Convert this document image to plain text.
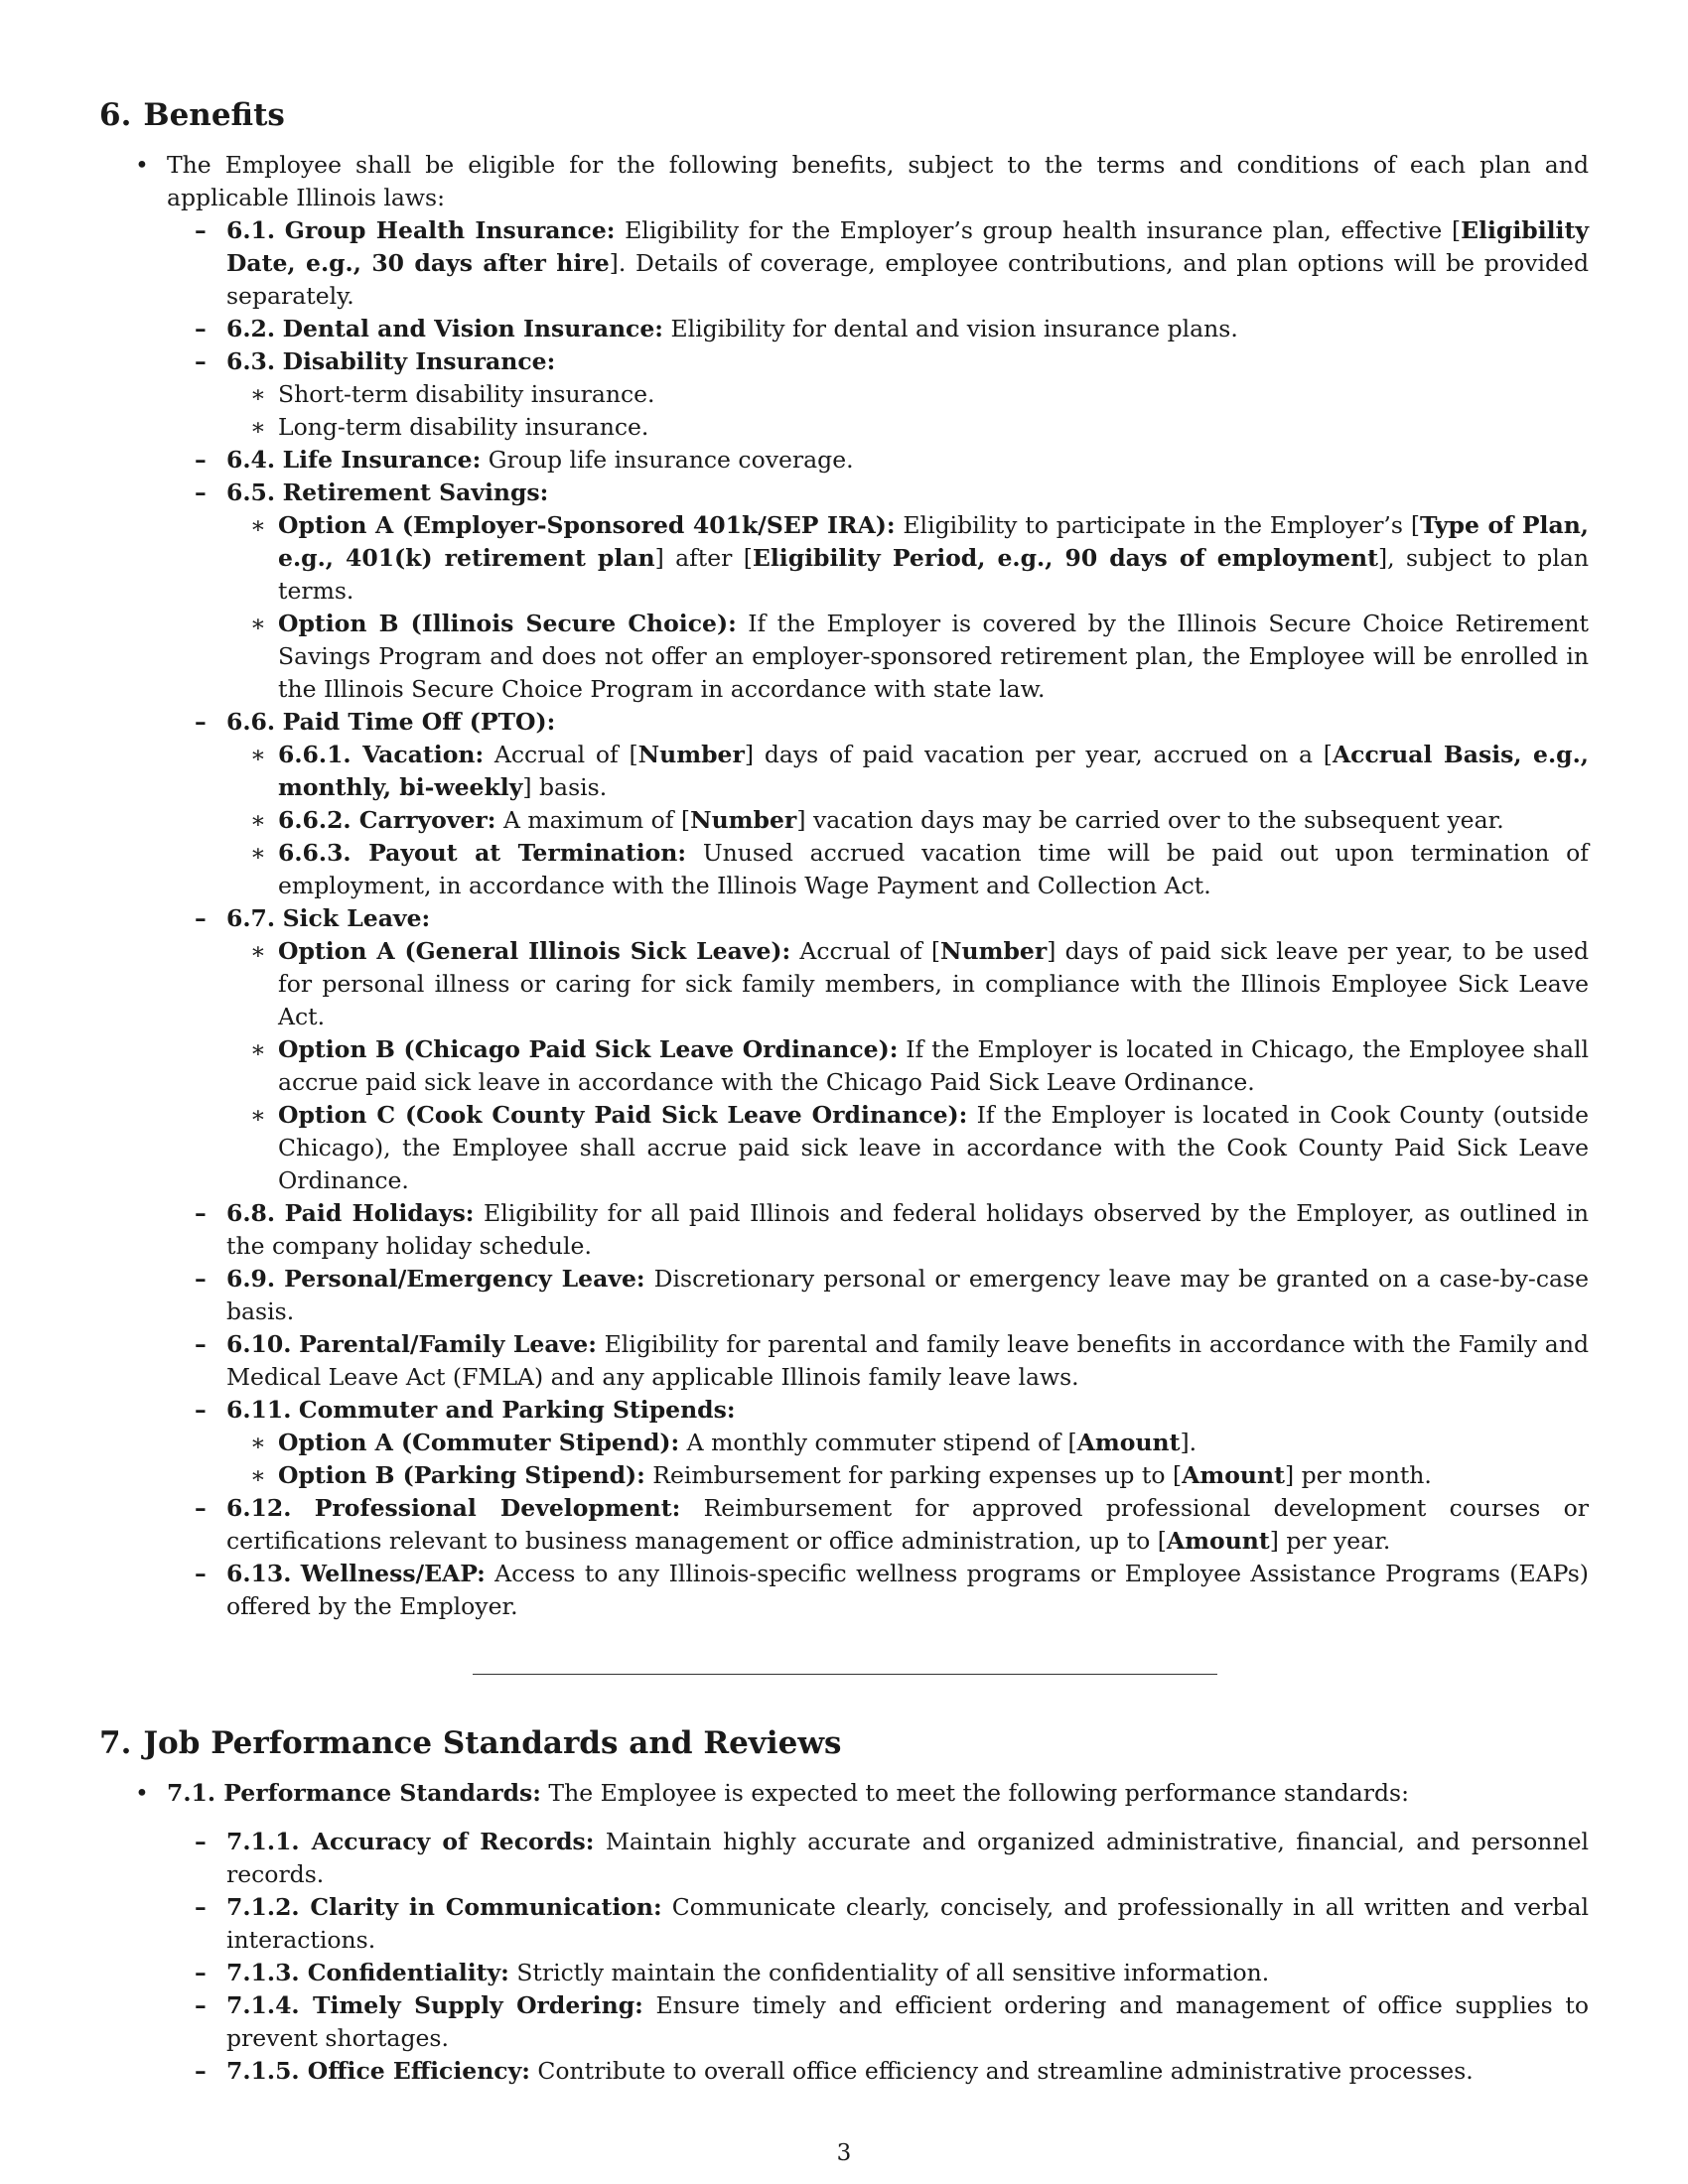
6. Benefits
• The Employee shall be eligible for the following benefits, subject to the terms and conditions of each plan and applicable Illinois laws:
– 6.1. Group Health Insurance: Eligibility for the Employer’s group health insurance plan, effective [Eligibility Date, e.g., 30 days after hire]. Details of coverage, employee contributions, and plan options will be provided separately.
– 6.2. Dental and Vision Insurance: Eligibility for dental and vision insurance plans.
– 6.3. Disability Insurance:
∗ Short-term disability insurance.
∗ Long-term disability insurance.
– 6.4. Life Insurance: Group life insurance coverage.
– 6.5. Retirement Savings:
∗ Option A (Employer-Sponsored 401k/SEP IRA): Eligibility to participate in the Employer’s [Type of Plan, e.g., 401(k) retirement plan] after [Eligibility Period, e.g., 90 days of employment], subject to plan terms.
∗ Option B (Illinois Secure Choice): If the Employer is covered by the Illinois Secure Choice Retirement Savings Program and does not offer an employer-sponsored retirement plan, the Employee will be enrolled in the Illinois Secure Choice Program in accordance with state law.
– 6.6. Paid Time Off (PTO):
∗ 6.6.1. Vacation: Accrual of [Number] days of paid vacation per year, accrued on a [Accrual Basis, e.g., monthly, bi-weekly] basis.
∗ 6.6.2. Carryover: A maximum of [Number] vacation days may be carried over to the subsequent year.
∗ 6.6.3. Payout at Termination: Unused accrued vacation time will be paid out upon termination of employment, in accordance with the Illinois Wage Payment and Collection Act.
– 6.7. Sick Leave:
∗ Option A (General Illinois Sick Leave): Accrual of [Number] days of paid sick leave per year, to be used for personal illness or caring for sick family members, in compliance with the Illinois Employee Sick Leave Act.
∗ Option B (Chicago Paid Sick Leave Ordinance): If the Employer is located in Chicago, the Employee shall accrue paid sick leave in accordance with the Chicago Paid Sick Leave Ordinance.
∗ Option C (Cook County Paid Sick Leave Ordinance): If the Employer is located in Cook County (outside Chicago), the Employee shall accrue paid sick leave in accordance with the Cook County Paid Sick Leave Ordinance.
– 6.8. Paid Holidays: Eligibility for all paid Illinois and federal holidays observed by the Employer, as outlined in the company holiday schedule.
– 6.9. Personal/Emergency Leave: Discretionary personal or emergency leave may be granted on a case-by-case basis.
– 6.10. Parental/Family Leave: Eligibility for parental and family leave benefits in accordance with the Family and Medical Leave Act (FMLA) and any applicable Illinois family leave laws.
– 6.11. Commuter and Parking Stipends:
∗ Option A (Commuter Stipend): A monthly commuter stipend of [Amount].
∗ Option B (Parking Stipend): Reimbursement for parking expenses up to [Amount] per month.
– 6.12. Professional Development: Reimbursement for approved professional development courses or certifications relevant to business management or office administration, up to [Amount] per year.
– 6.13. Wellness/EAP: Access to any Illinois-specific wellness programs or Employee Assistance Programs (EAPs) offered by the Employer.
7. Job Performance Standards and Reviews
• 7.1. Performance Standards: The Employee is expected to meet the following performance standards:
– 7.1.1. Accuracy of Records: Maintain highly accurate and organized administrative, financial, and personnel records.
– 7.1.2. Clarity in Communication: Communicate clearly, concisely, and professionally in all written and verbal interactions.
– 7.1.3. Confidentiality: Strictly maintain the confidentiality of all sensitive information.
– 7.1.4. Timely Supply Ordering: Ensure timely and efficient ordering and management of office supplies to prevent shortages.
– 7.1.5. Office Efficiency: Contribute to overall office efficiency and streamline administrative processes.
3
